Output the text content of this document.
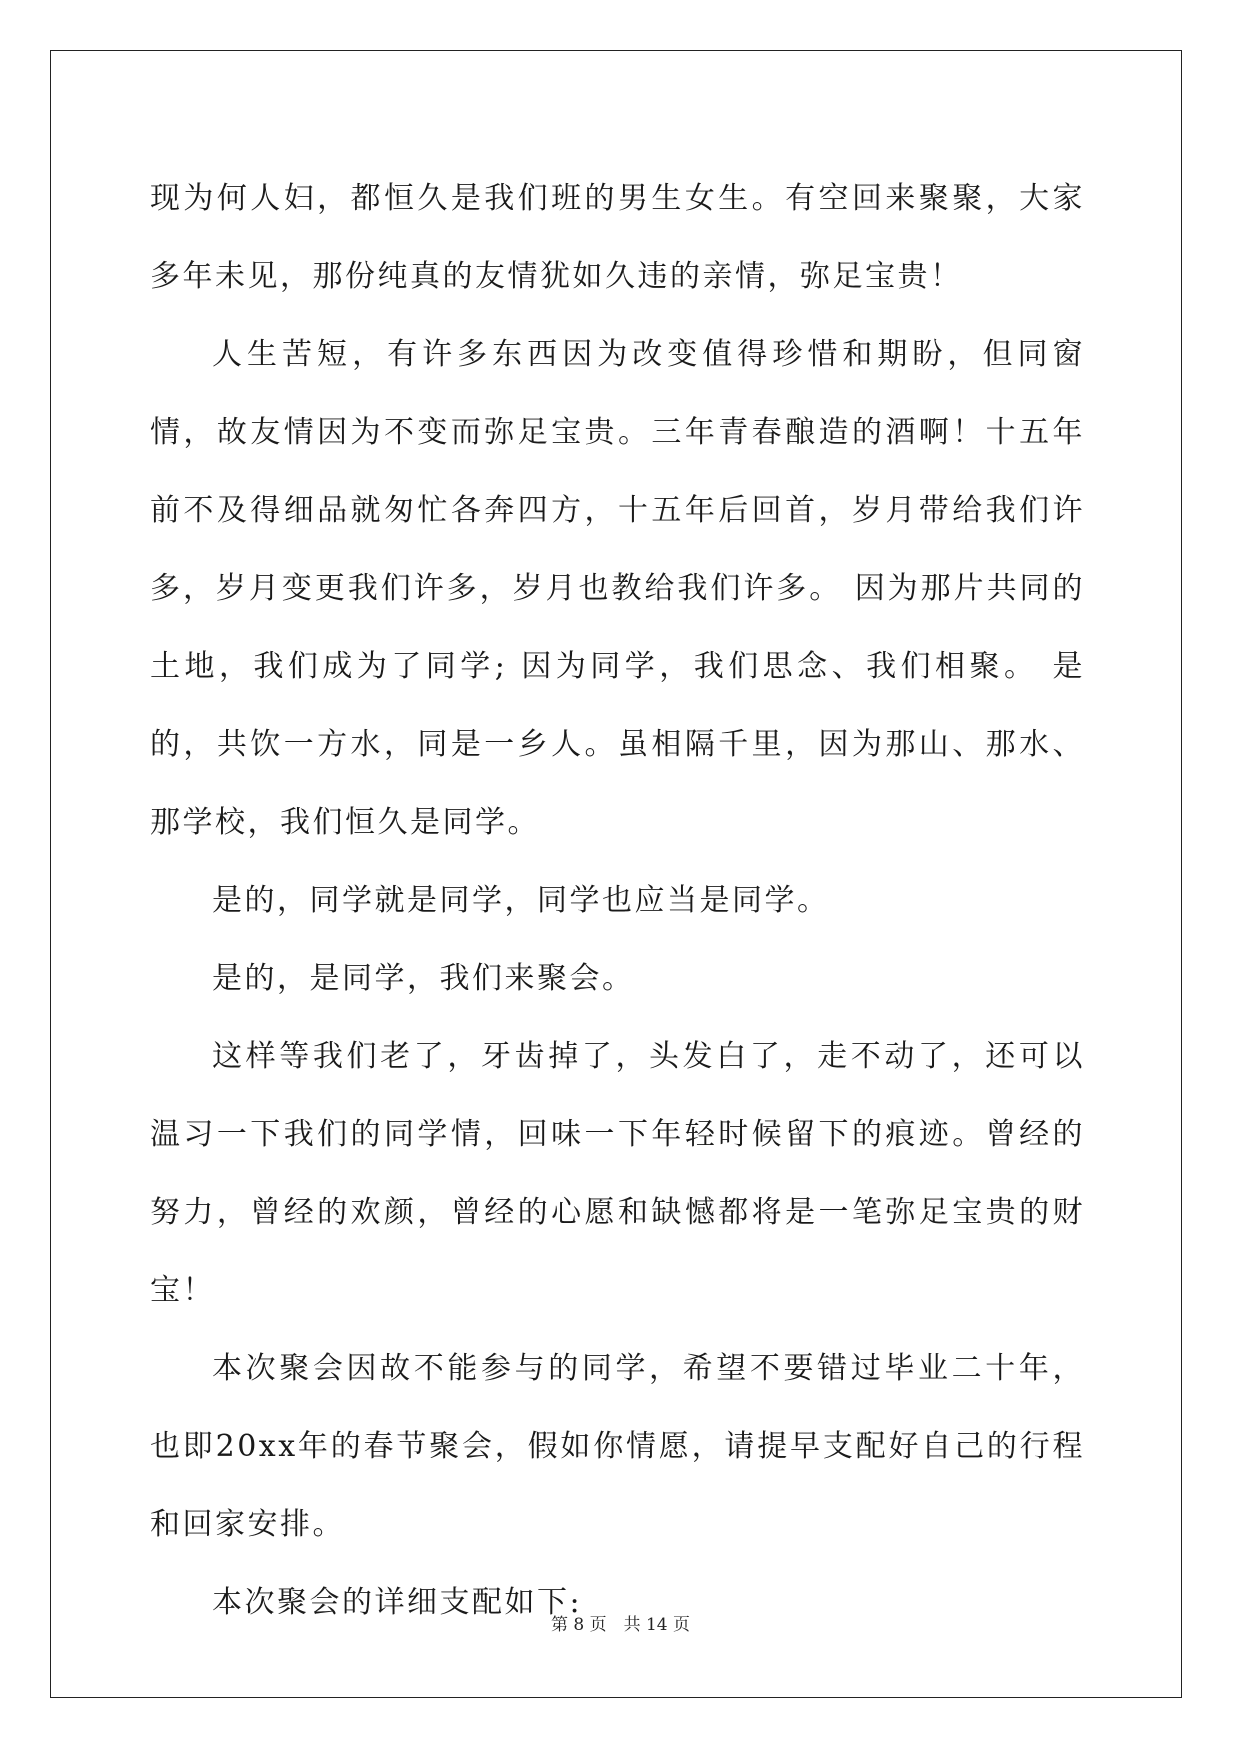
现为何人妇，都恒久是我们班的男生女生。有空回来聚聚，大家多年未见，那份纯真的友情犹如久违的亲情，弥足宝贵！

人生苦短，有许多东西因为改变值得珍惜和期盼，但同窗情，故友情因为不变而弥足宝贵。三年青春酿造的酒啊！十五年前不及得细品就匆忙各奔四方，十五年后回首，岁月带给我们许多，岁月变更我们许多，岁月也教给我们许多。 因为那片共同的土地，我们成为了同学; 因为同学，我们思念、我们相聚。 是的，共饮一方水，同是一乡人。虽相隔千里，因为那山、那水、那学校，我们恒久是同学。

是的，同学就是同学，同学也应当是同学。

是的，是同学，我们来聚会。

这样等我们老了，牙齿掉了，头发白了，走不动了，还可以温习一下我们的同学情，回味一下年轻时候留下的痕迹。曾经的努力，曾经的欢颜，曾经的心愿和缺憾都将是一笔弥足宝贵的财宝！

本次聚会因故不能参与的同学，希望不要错过毕业二十年，也即20xx年的春节聚会，假如你情愿，请提早支配好自己的行程和回家安排。

本次聚会的详细支配如下:

第 8 页　共 14 页
